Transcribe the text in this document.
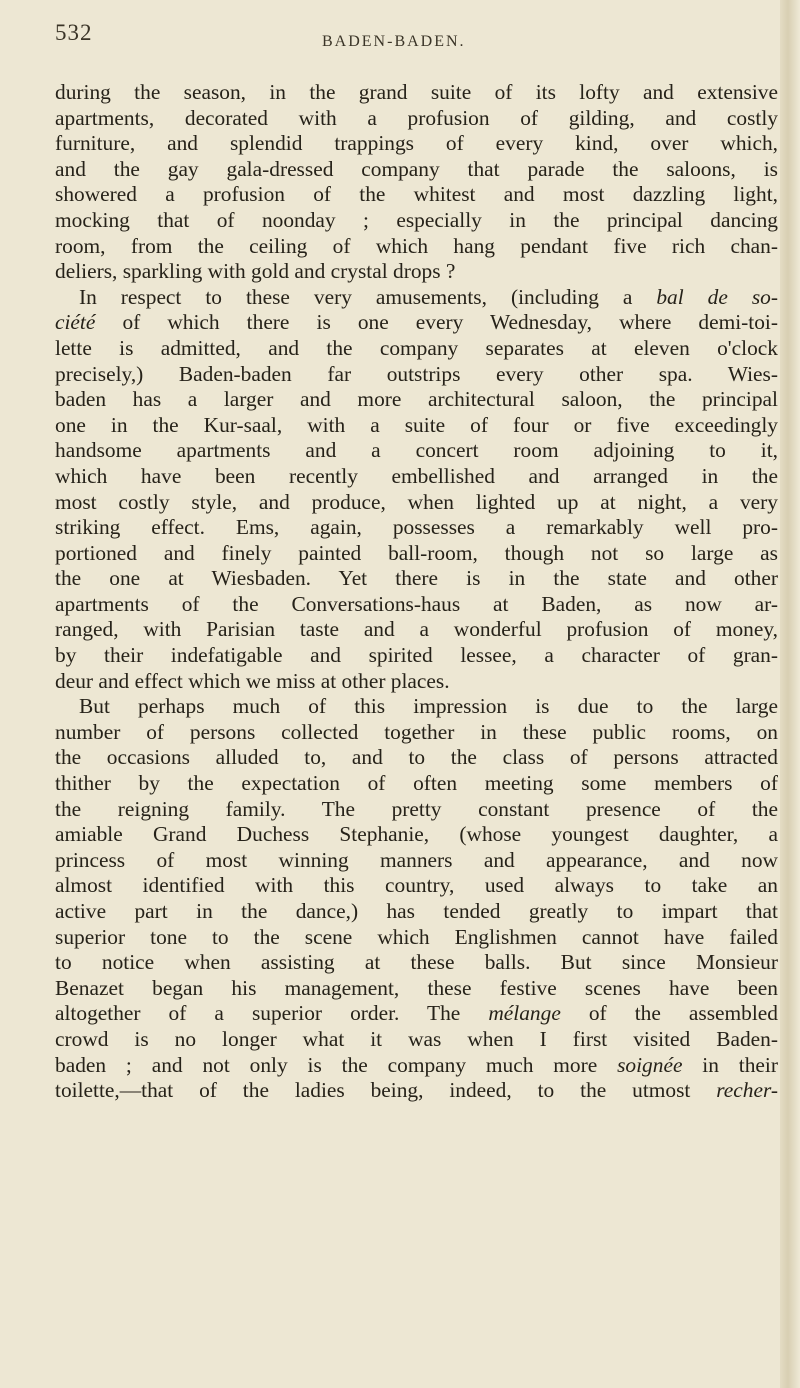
532	BADEN-BADEN.
during the season, in the grand suite of its lofty and extensive
apartments, decorated with a profusion of gilding, and costly
furniture, and splendid trappings of every kind, over which,
and the gay gala-dressed company that parade the saloons, is
showered a profusion of the whitest and most dazzling light,
mocking that of noonday ; especially in the principal dancing
room, from the ceiling of which hang pendant five rich chan-
deliers, sparkling with gold and crystal drops ?
In respect to these very amusements, (including a bal de so-
ciété of which there is one every Wednesday, where demi-toi-
lette is admitted, and the company separates at eleven o'clock
precisely,) Baden-baden far outstrips every other spa. Wies-
baden has a larger and more architectural saloon, the principal
one in the Kur-saal, with a suite of four or five exceedingly
handsome apartments and a concert room adjoining to it,
which have been recently embellished and arranged in the
most costly style, and produce, when lighted up at night, a very
striking effect. Ems, again, possesses a remarkably well pro-
portioned and finely painted ball-room, though not so large as
the one at Wiesbaden. Yet there is in the state and other
apartments of the Conversations-haus at Baden, as now ar-
ranged, with Parisian taste and a wonderful profusion of money,
by their indefatigable and spirited lessee, a character of gran-
deur and effect which we miss at other places.
But perhaps much of this impression is due to the large
number of persons collected together in these public rooms, on
the occasions alluded to, and to the class of persons attracted
thither by the expectation of often meeting some members of
the reigning family. The pretty constant presence of the
amiable Grand Duchess Stephanie, (whose youngest daughter, a
princess of most winning manners and appearance, and now
almost identified with this country, used always to take an
active part in the dance,) has tended greatly to impart that
superior tone to the scene which Englishmen cannot have failed
to notice when assisting at these balls. But since Monsieur
Benazet began his management, these festive scenes have been
altogether of a superior order. The mélange of the assembled
crowd is no longer what it was when I first visited Baden-
baden ; and not only is the company much more soignée in their
toilette,—that of the ladies being, indeed, to the utmost recher-
